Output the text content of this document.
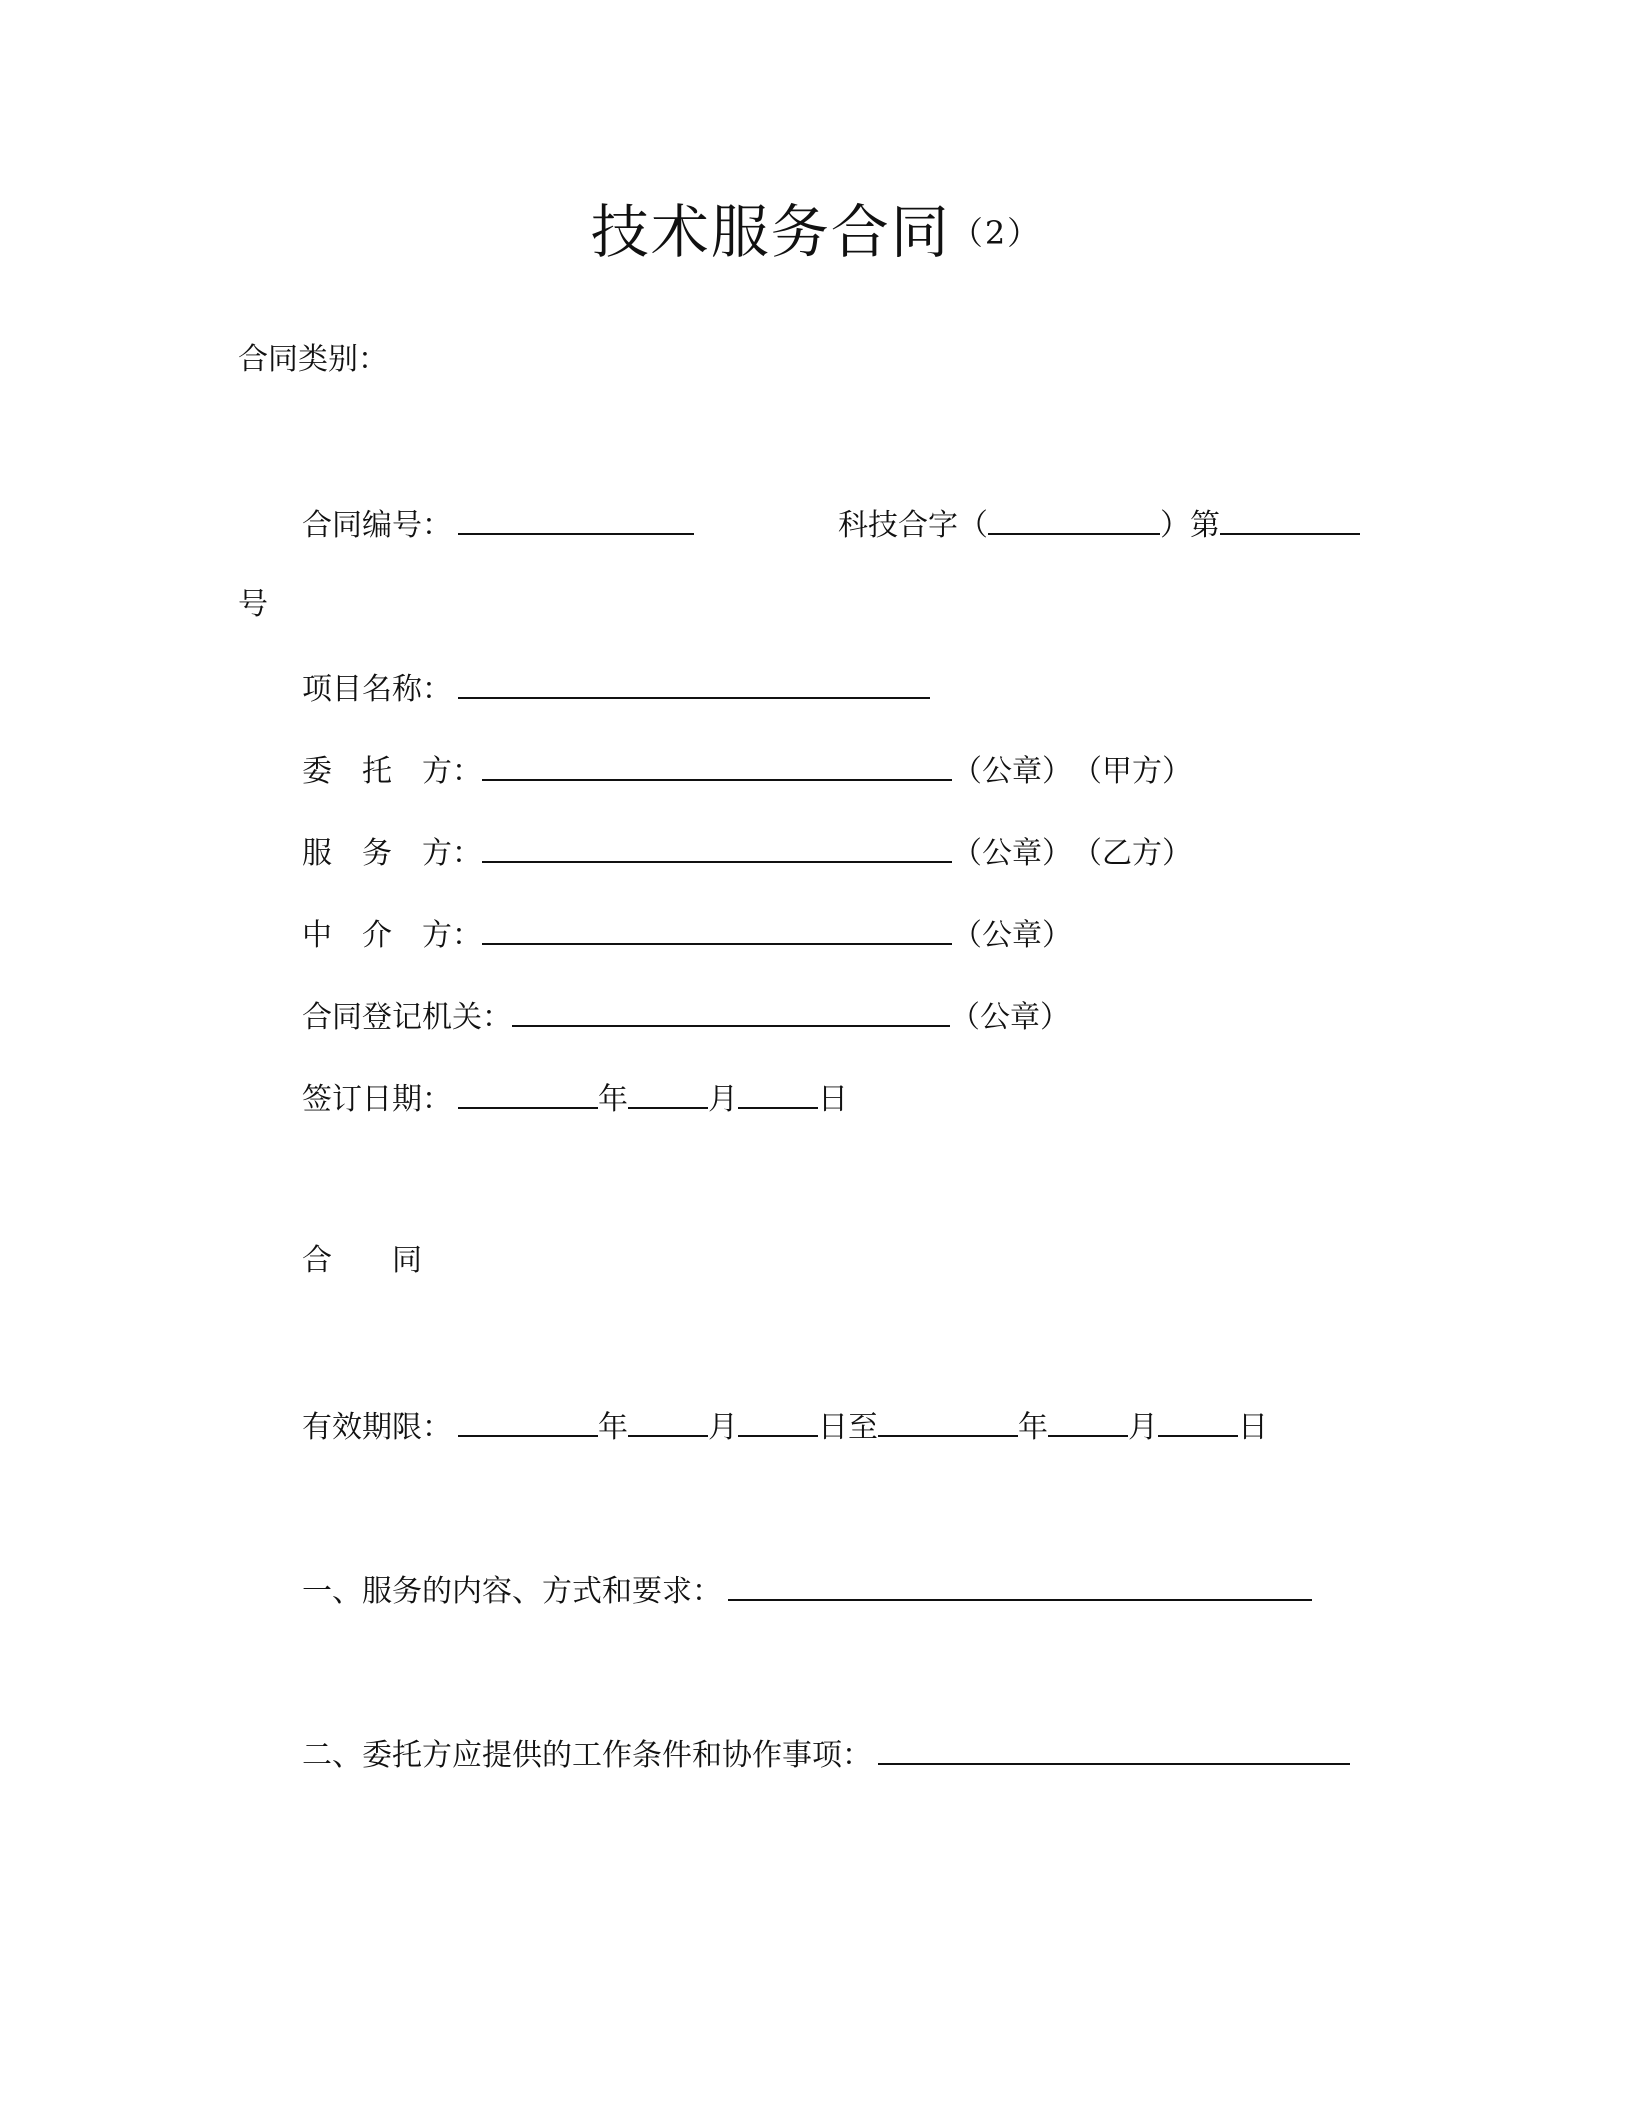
技术服务合同（2）
合同类别：
合同编号：	科技合字（	）第
号
项目名称：
委　托　方：	（公章）（甲方）
服　务　方：	（公章）（乙方）
中　介　方：	（公章）
合同登记机关：	（公章）
签订日期：	年	月	日
合　　同
有效期限：	年	月	日至	年	月	日
一、服务的内容、方式和要求：
二、委托方应提供的工作条件和协作事项：
